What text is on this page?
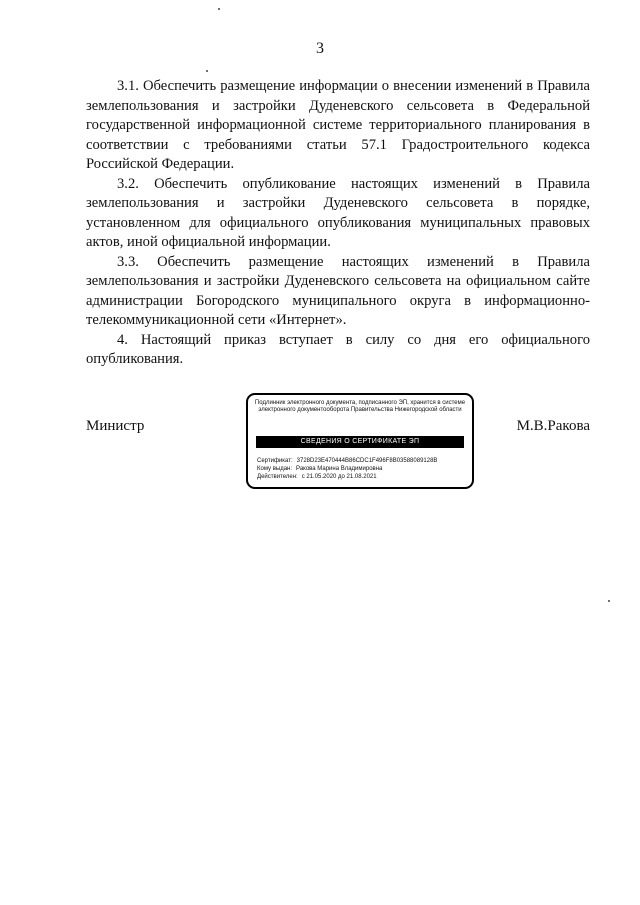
3

3.1. Обеспечить размещение информации о внесении изменений в Правила землепользования и застройки Дуденевского сельсовета в Федеральной государственной информационной системе территориального планирования в соответствии с требованиями статьи 57.1 Градостроительного кодекса Российской Федерации.

3.2. Обеспечить опубликование настоящих изменений в Правила землепользования и застройки Дуденевского сельсовета в порядке, установленном для официального опубликования муниципальных правовых актов, иной официальной информации.

3.3. Обеспечить размещение настоящих изменений в Правила землепользования и застройки Дуденевского сельсовета на официальном сайте администрации Богородского муниципального округа в информационно-телекоммуникационной сети «Интернет».

4. Настоящий приказ вступает в силу со дня его официального опубликования.

Министр
Подлинник электронного документа, подписанного ЭП, хранится в системе электронного документооборота Правительства Нижегородской области
СВЕДЕНИЯ О СЕРТИФИКАТЕ ЭП
Сертификат: 3728D23E470444B86CDC1F496F8B03588089128B
Кому выдан: Ракова Марина Владимировна
Действителен: с 21.05.2020 до 21.08.2021
М.В.Ракова
